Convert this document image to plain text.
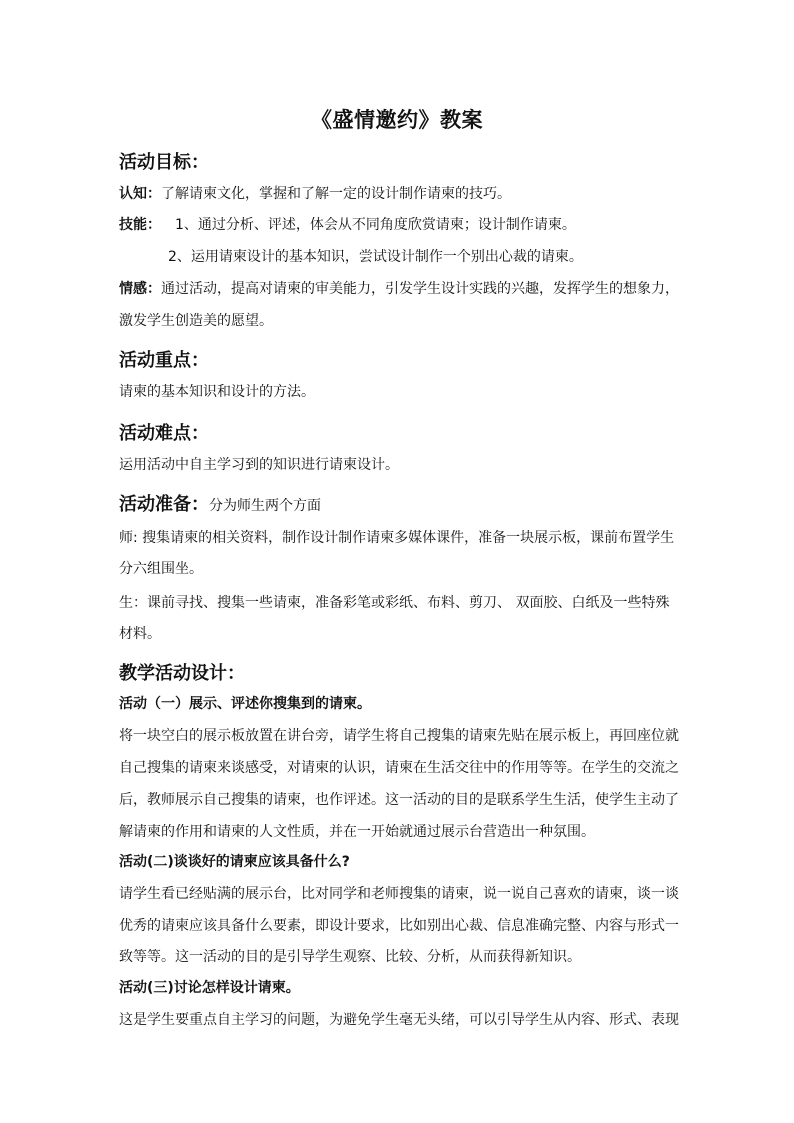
《盛情邀约》教案
活动目标：
认知：了解请柬文化，掌握和了解一定的设计制作请柬的技巧。
技能： 1、通过分析、评述，体会从不同角度欣赏请柬；设计制作请柬。
2、运用请柬设计的基本知识，尝试设计制作一个别出心裁的请柬。
情感：通过活动，提高对请柬的审美能力，引发学生设计实践的兴趣，发挥学生的想象力，
激发学生创造美的愿望。
活动重点：
请柬的基本知识和设计的方法。
活动难点：
运用活动中自主学习到的知识进行请柬设计。
活动准备：分为师生两个方面
师: 搜集请柬的相关资料，制作设计制作请柬多媒体课件，准备一块展示板，课前布置学生
分六组围坐。
生：课前寻找、搜集一些请柬，准备彩笔或彩纸、布料、剪刀、 双面胶、白纸及一些特殊
材料。
教学活动设计：
活动（一）展示、评述你搜集到的请柬。
将一块空白的展示板放置在讲台旁，请学生将自己搜集的请柬先贴在展示板上，再回座位就
自己搜集的请柬来谈感受，对请柬的认识，请柬在生活交往中的作用等等。在学生的交流之
后，教师展示自己搜集的请柬，也作评述。这一活动的目的是联系学生生活，使学生主动了
解请柬的作用和请柬的人文性质，并在一开始就通过展示台营造出一种氛围。
活动(二)谈谈好的请柬应该具备什么?
请学生看已经贴满的展示台，比对同学和老师搜集的请柬，说一说自己喜欢的请柬，谈一谈
优秀的请柬应该具备什么要素，即设计要求，比如别出心裁、信息准确完整、内容与形式一
致等等。这一活动的目的是引导学生观察、比较、分析，从而获得新知识。
活动(三)讨论怎样设计请柬。
这是学生要重点自主学习的问题，为避免学生毫无头绪，可以引导学生从内容、形式、表现
